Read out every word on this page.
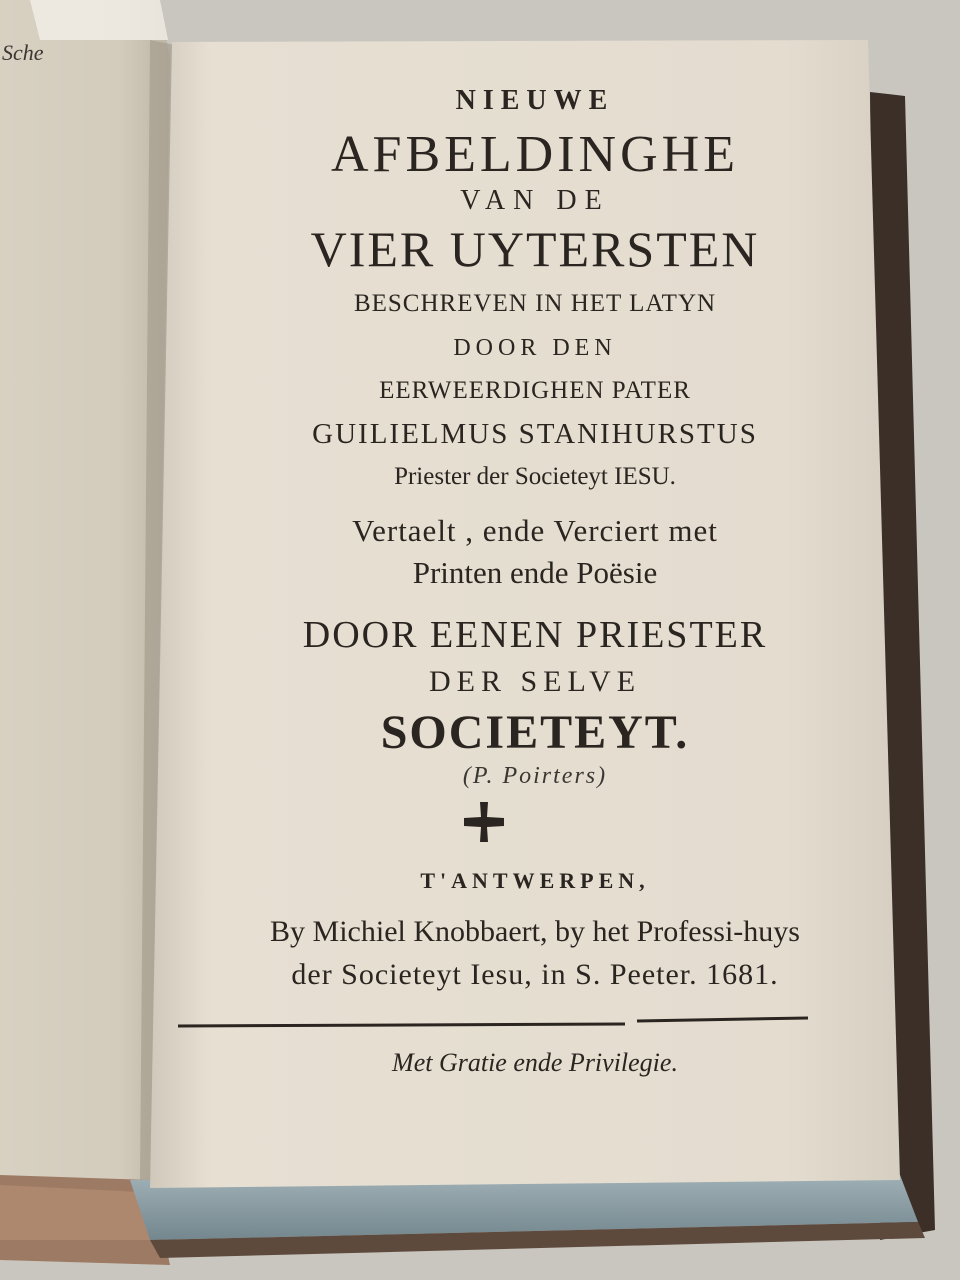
NIEUWE
AFBELDINGHE
VAN DE
VIER UYTERSTEN
BESCHREVEN IN HET LATYN
DOOR DEN
EERWEERDIGHEN PATER
GUILIELMUS STANIHURSTUS
Priester der Societeyt IESU.
Vertaelt , ende Verciert met
Printen ende Poësie
DOOR EENEN PRIESTER
DER SELVE
SOCIETEYT.
(P. Poirters)
T'ANTWERPEN,
By Michiel Knobbaert, by het Professi-huys
der Societeyt Iesu, in S. Peeter. 1681.
Met Gratie ende Privilegie.
Sche
